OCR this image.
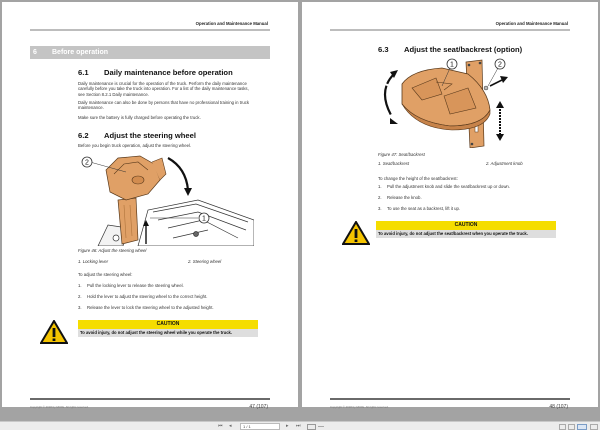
Operation and Maintenance Manual
6 Before operation
6.1 Daily maintenance before operation
Daily maintenance is crucial for the operation of the truck. Perform the daily maintenance carefully before you take the truck into operation. For a list of the daily maintenance tasks, see Section 8.2.1 Daily maintenance.
Daily maintenance can also be done by persons that have no professional training in truck maintenance.
Make sure the battery is fully charged before operating the truck.
6.2 Adjust the steering wheel
Before you begin truck operation, adjust the steering wheel.
2
1
Figure 46: Adjust the steering wheel
1. Locking lever	2. Steering wheel
To adjust the steering wheel:
1. Pull the locking lever to release the steering wheel.
2. Hold the lever to adjust the steering wheel to the correct height.
3. Release the lever to lock the steering wheel to the adjusted height.
CAUTION
To avoid injury, do not adjust the steering wheel while you operate the truck.
Copyright © 2018 by MCFE. All rights reserved.	47 (107)
Operation and Maintenance Manual
6.3 Adjust the seat/backrest (option)
1	2
Figure 47: Seat/backrest
1. Seat/backrest	2. Adjustment knob
To change the height of the seat/backrest:
1. Pull the adjustment knob and slide the seat/backrest up or down.
2. Release the knob.
3. To use the seat as a backrest, lift it up.
CAUTION
To avoid injury, do not adjust the seat/backrest when you operate the truck.
Copyright © 2018 by MCFE. All rights reserved.	48 (107)
⏮ ◂	1 / 1	▸ ⏭
